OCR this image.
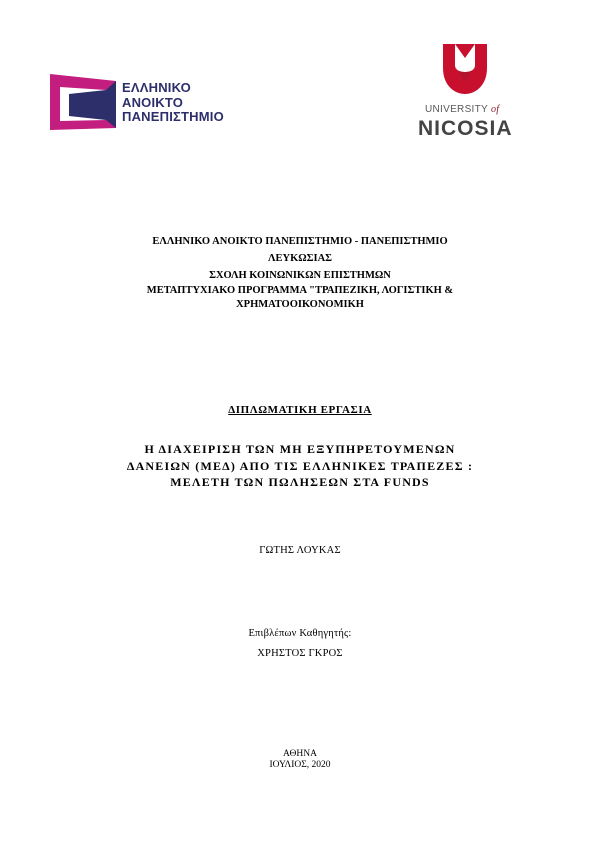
ΕΛΛΗΝΙΚΟ
ΑΝΟΙΚΤΟ
ΠΑΝΕΠΙΣΤΗΜΙΟ	UNIVERSITY of
NICOSIA
ΕΛΛΗΝΙΚΟ ΑΝΟΙΚΤΟ ΠΑΝΕΠΙΣΤΗΜΙΟ - ΠΑΝΕΠΙΣΤΗΜΙΟ
ΛΕΥΚΩΣΙΑΣ
ΣΧΟΛΗ ΚΟΙΝΩΝΙΚΩΝ ΕΠΙΣΤΗΜΩΝ
ΜΕΤΑΠΤΥΧΙΑΚΟ ΠΡΟΓΡΑΜΜΑ "ΤΡΑΠΕΖΙΚΗ, ΛΟΓΙΣΤΙΚΗ &
ΧΡΗΜΑΤΟΟΙΚΟΝΟΜΙΚΗ
ΔΙΠΛΩΜΑΤΙΚΗ ΕΡΓΑΣΙΑ
Η ΔΙΑΧΕΙΡΙΣΗ ΤΩΝ ΜΗ ΕΞΥΠΗΡΕΤΟΥΜΕΝΩΝ
ΔΑΝΕΙΩΝ (ΜΕΔ) ΑΠΟ ΤΙΣ ΕΛΛΗΝΙΚΕΣ ΤΡΑΠΕΖΕΣ :
ΜΕΛΕΤΗ ΤΩΝ ΠΩΛΗΣΕΩΝ ΣΤΑ FUNDS
ΓΩΤΗΣ ΛΟΥΚΑΣ
Επιβλέπων Καθηγητής:
ΧΡΗΣΤΟΣ ΓΚΡΟΣ
ΑΘΗΝΑ
ΙΟΥΛΙΟΣ, 2020
